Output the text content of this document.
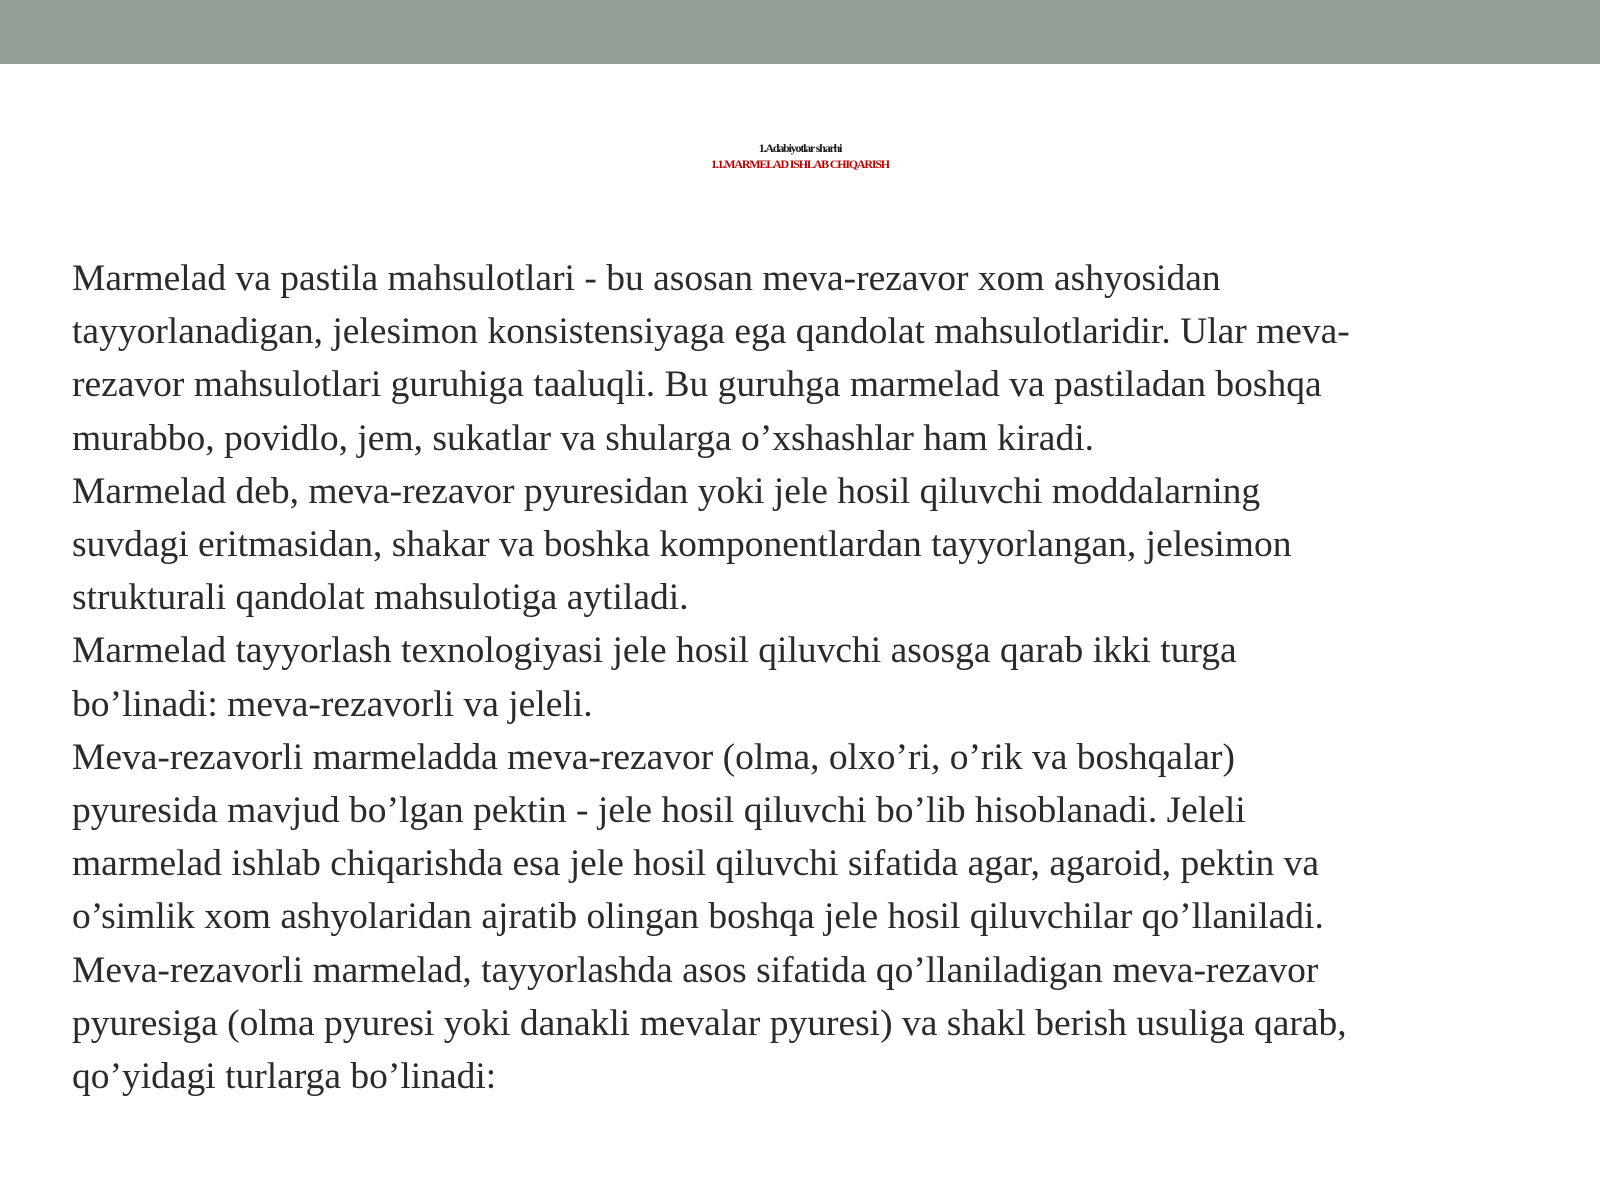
1.Adabiyotlar sharhi
1.1.MARMELAD ISHLAB CHIQARISH

Marmelad va pastila mahsulotlari - bu asosan meva-rezavor xom ashyosidan
tayyorlanadigan, jelesimon konsistensiyaga ega qandolat mahsulotlaridir. Ular meva-
rezavor mahsulotlari guruhiga taaluqli. Bu guruhga marmelad va pastiladan boshqa
murabbo, povidlo, jem, sukatlar va shularga o’xshashlar ham kiradi.

Marmelad deb, meva-rezavor pyuresidan yoki jele hosil qiluvchi moddalarning
suvdagi eritmasidan, shakar va boshka komponentlardan tayyorlangan, jelesimon
strukturali qandolat mahsulotiga aytiladi.

Marmelad tayyorlash texnologiyasi jele hosil qiluvchi asosga qarab ikki turga
bo’linadi: meva-rezavorli va jeleli.

Meva-rezavorli marmeladda meva-rezavor (olma, olxo’ri, o’rik va boshqalar)
pyuresida mavjud bo’lgan pektin - jele hosil qiluvchi bo’lib hisoblanadi. Jeleli
marmelad ishlab chiqarishda esa jele hosil qiluvchi sifatida agar, agaroid, pektin va
o’simlik xom ashyolaridan ajratib olingan boshqa jele hosil qiluvchilar qo’llaniladi.

Meva-rezavorli marmelad, tayyorlashda asos sifatida qo’llaniladigan meva-rezavor
pyuresiga (olma pyuresi yoki danakli mevalar pyuresi) va shakl berish usuliga qarab,
qo’yidagi turlarga bo’linadi:
